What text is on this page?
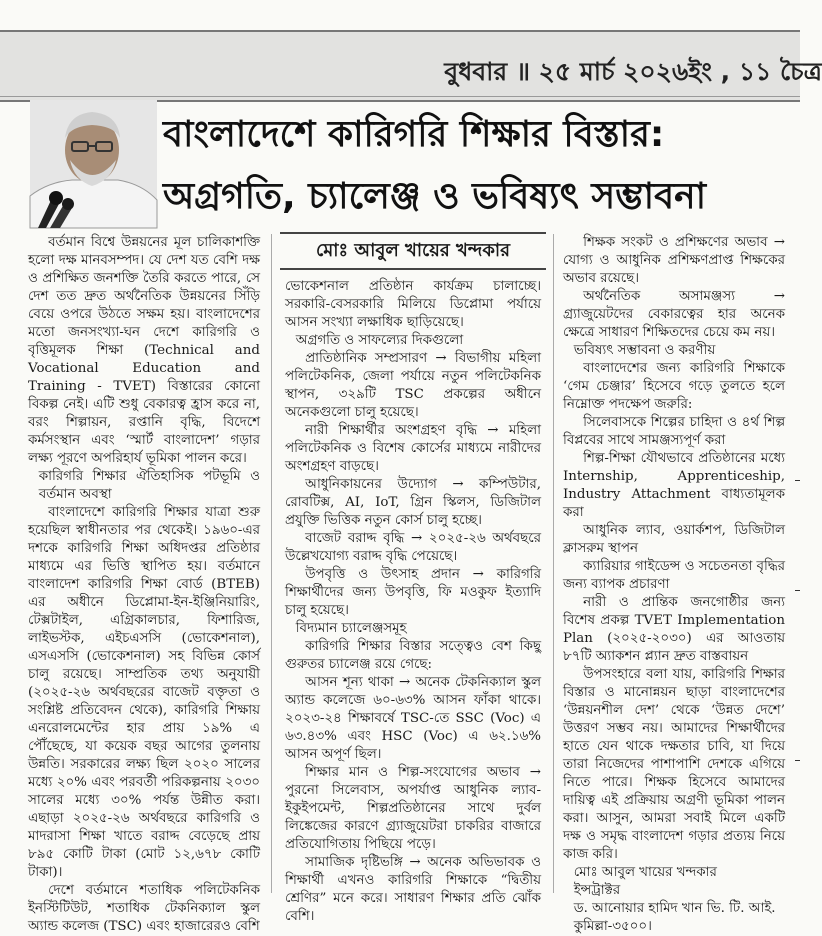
বুধবার ॥ ২৫ মার্চ ২০২৬ইং , ১১ চৈত্র
বাংলাদেশে কারিগরি শিক্ষার বিস্তার:
অগ্রগতি, চ্যালেঞ্জ ও ভবিষ্যৎ সম্ভাবনা
মোঃ আবুল খায়ের খন্দকার

বর্তমান বিশ্বে উন্নয়নের মূল চালিকাশক্তি হলো দক্ষ মানবসম্পদ। যে দেশ যত বেশি দক্ষ ও প্রশিক্ষিত জনশক্তি তৈরি করতে পারে, সে দেশ তত দ্রুত অর্থনৈতিক উন্নয়নের সিঁড়ি বেয়ে ওপরে উঠতে সক্ষম হয়। বাংলাদেশের মতো জনসংখ্যা-ঘন দেশে কারিগরি ও বৃত্তিমূলক শিক্ষা (Technical and Vocational Education and Training - TVET) বিস্তারের কোনো বিকল্প নেই। এটি শুধু বেকারত্ব হ্রাস করে না, বরং শিল্পায়ন, রপ্তানি বৃদ্ধি, বিদেশে কর্মসংস্থান এবং ‘স্মার্ট বাংলাদেশ’ গড়ার লক্ষ্য পূরণে অপরিহার্য ভূমিকা পালন করে।

কারিগরি শিক্ষার ঐতিহাসিক পটভূমি ও বর্তমান অবস্থা

বাংলাদেশে কারিগরি শিক্ষার যাত্রা শুরু হয়েছিল স্বাধীনতার পর থেকেই। ১৯৬০-এর দশকে কারিগরি শিক্ষা অধিদপ্তর প্রতিষ্ঠার মাধ্যমে এর ভিত্তি স্থাপিত হয়। বর্তমানে বাংলাদেশ কারিগরি শিক্ষা বোর্ড (BTEB) এর অধীনে ডিপ্লোমা-ইন-ইঞ্জিনিয়ারিং, টেক্সটাইল, এগ্রিকালচার, ফিশারিজ, লাইভস্টক, এইচএসসি (ভোকেশনাল), এসএসসি (ভোকেশনাল) সহ বিভিন্ন কোর্স চালু রয়েছে। সাম্প্রতিক তথ্য অনুযায়ী (২০২৫-২৬ অর্থবছরের বাজেট বক্তৃতা ও সংশ্লিষ্ট প্রতিবেদন থেকে), কারিগরি শিক্ষায় এনরোলমেন্টের হার প্রায় ১৯% এ পৌঁছেছে, যা কয়েক বছর আগের তুলনায় উন্নতি। সরকারের লক্ষ্য ছিল ২০২০ সালের মধ্যে ২০% এবং পরবর্তী পরিকল্পনায় ২০৩০ সালের মধ্যে ৩০% পর্যন্ত উন্নীত করা। এছাড়া ২০২৫-২৬ অর্থবছরে কারিগরি ও মাদরাসা শিক্ষা খাতে বরাদ্দ বেড়েছে প্রায় ৮৯৫ কোটি টাকা (মোট ১২,৬৭৮ কোটি টাকা)।

দেশে বর্তমানে শতাধিক পলিটেকনিক ইনস্টিটিউট, শতাধিক টেকনিক্যাল স্কুল অ্যান্ড কলেজ (TSC) এবং হাজারেরও বেশি

ভোকেশনাল প্রতিষ্ঠান কার্যক্রম চালাচ্ছে। সরকারি-বেসরকারি মিলিয়ে ডিপ্লোমা পর্যায়ে আসন সংখ্যা লক্ষাধিক ছাড়িয়েছে।

অগ্রগতি ও সাফল্যের দিকগুলো

প্রাতিষ্ঠানিক সম্প্রসারণ → বিভাগীয় মহিলা পলিটেকনিক, জেলা পর্যায়ে নতুন পলিটেকনিক স্থাপন, ৩২৯টি TSC প্রকল্পের অধীনে অনেকগুলো চালু হয়েছে।

নারী শিক্ষার্থীর অংশগ্রহণ বৃদ্ধি → মহিলা পলিটেকনিক ও বিশেষ কোর্সের মাধ্যমে নারীদের অংশগ্রহণ বাড়ছে।

আধুনিকায়নের উদ্যোগ → কম্পিউটার, রোবটিক্স, AI, IoT, গ্রিন স্কিলস, ডিজিটাল প্রযুক্তি ভিত্তিক নতুন কোর্স চালু হচ্ছে।

বাজেট বরাদ্দ বৃদ্ধি → ২০২৫-২৬ অর্থবছরে উল্লেখযোগ্য বরাদ্দ বৃদ্ধি পেয়েছে।

উপবৃত্তি ও উৎসাহ প্রদান → কারিগরি শিক্ষার্থীদের জন্য উপবৃত্তি, ফি মওকুফ ইত্যাদি চালু হয়েছে।

বিদ্যমান চ্যালেঞ্জসমূহ

কারিগরি শিক্ষার বিস্তার সত্ত্বেও বেশ কিছু গুরুতর চ্যালেঞ্জ রয়ে গেছে:

আসন শূন্য থাকা → অনেক টেকনিক্যাল স্কুল অ্যান্ড কলেজে ৬০-৬৩% আসন ফাঁকা থাকে। ২০২৩-২৪ শিক্ষাবর্ষে TSC-তে SSC (Voc) এ ৬৩.৪৩% এবং HSC (Voc) এ ৬২.১৬% আসন অপূর্ণ ছিল।

শিক্ষার মান ও শিল্প-সংযোগের অভাব → পুরনো সিলেবাস, অপর্যাপ্ত আধুনিক ল্যাব-ইকুইপমেন্ট, শিল্পপ্রতিষ্ঠানের সাথে দুর্বল লিঙ্কেজের কারণে গ্র্যাজুয়েটরা চাকরির বাজারে প্রতিযোগিতায় পিছিয়ে পড়ে।

সামাজিক দৃষ্টিভঙ্গি → অনেক অভিভাবক ও শিক্ষার্থী এখনও কারিগরি শিক্ষাকে “দ্বিতীয় শ্রেণির” মনে করে। সাধারণ শিক্ষার প্রতি ঝোঁক বেশি।

শিক্ষক সংকট ও প্রশিক্ষণের অভাব → যোগ্য ও আধুনিক প্রশিক্ষণপ্রাপ্ত শিক্ষকের অভাব রয়েছে।

অর্থনৈতিক অসামঞ্জস্য → গ্র্যাজুয়েটদের বেকারত্বের হার অনেক ক্ষেত্রে সাধারণ শিক্ষিতদের চেয়ে কম নয়।

ভবিষ্যৎ সম্ভাবনা ও করণীয়

বাংলাদেশের জন্য কারিগরি শিক্ষাকে ‘গেম চেঞ্জার’ হিসেবে গড়ে তুলতে হলে নিম্নোক্ত পদক্ষেপ জরুরি:

সিলেবাসকে শিল্পের চাহিদা ও ৪র্থ শিল্প বিপ্লবের সাথে সামঞ্জস্যপূর্ণ করা

শিল্প-শিক্ষা যৌথভাবে প্রতিষ্ঠানের মধ্যে Internship, Apprenticeship, Industry Attachment বাধ্যতামূলক করা

আধুনিক ল্যাব, ওয়ার্কশপ, ডিজিটাল ক্লাসরুম স্থাপন

ক্যারিয়ার গাইডেন্স ও সচেতনতা বৃদ্ধির জন্য ব্যাপক প্রচারণা

নারী ও প্রান্তিক জনগোষ্ঠীর জন্য বিশেষ প্রকল্প TVET Implementation Plan (২০২৫-২০৩০) এর আওতায় ৮৭টি অ্যাকশন প্ল্যান দ্রুত বাস্তবায়ন

উপসংহারে বলা যায়, কারিগরি শিক্ষার বিস্তার ও মানোন্নয়ন ছাড়া বাংলাদেশের ‘উন্নয়নশীল দেশ’ থেকে ‘উন্নত দেশে’ উত্তরণ সম্ভব নয়। আমাদের শিক্ষার্থীদের হাতে যেন থাকে দক্ষতার চাবি, যা দিয়ে তারা নিজেদের পাশাপাশি দেশকে এগিয়ে নিতে পারে। শিক্ষক হিসেবে আমাদের দায়িত্ব এই প্রক্রিয়ায় অগ্রণী ভূমিকা পালন করা। আসুন, আমরা সবাই মিলে একটি দক্ষ ও সমৃদ্ধ বাংলাদেশ গড়ার প্রত্যয় নিয়ে কাজ করি।

মোঃ আবুল খায়ের খন্দকার

ইন্সট্রাক্টর

ড. আনোয়ার হামিদ খান ভি. টি. আই.

কুমিল্লা-৩৫০০।
